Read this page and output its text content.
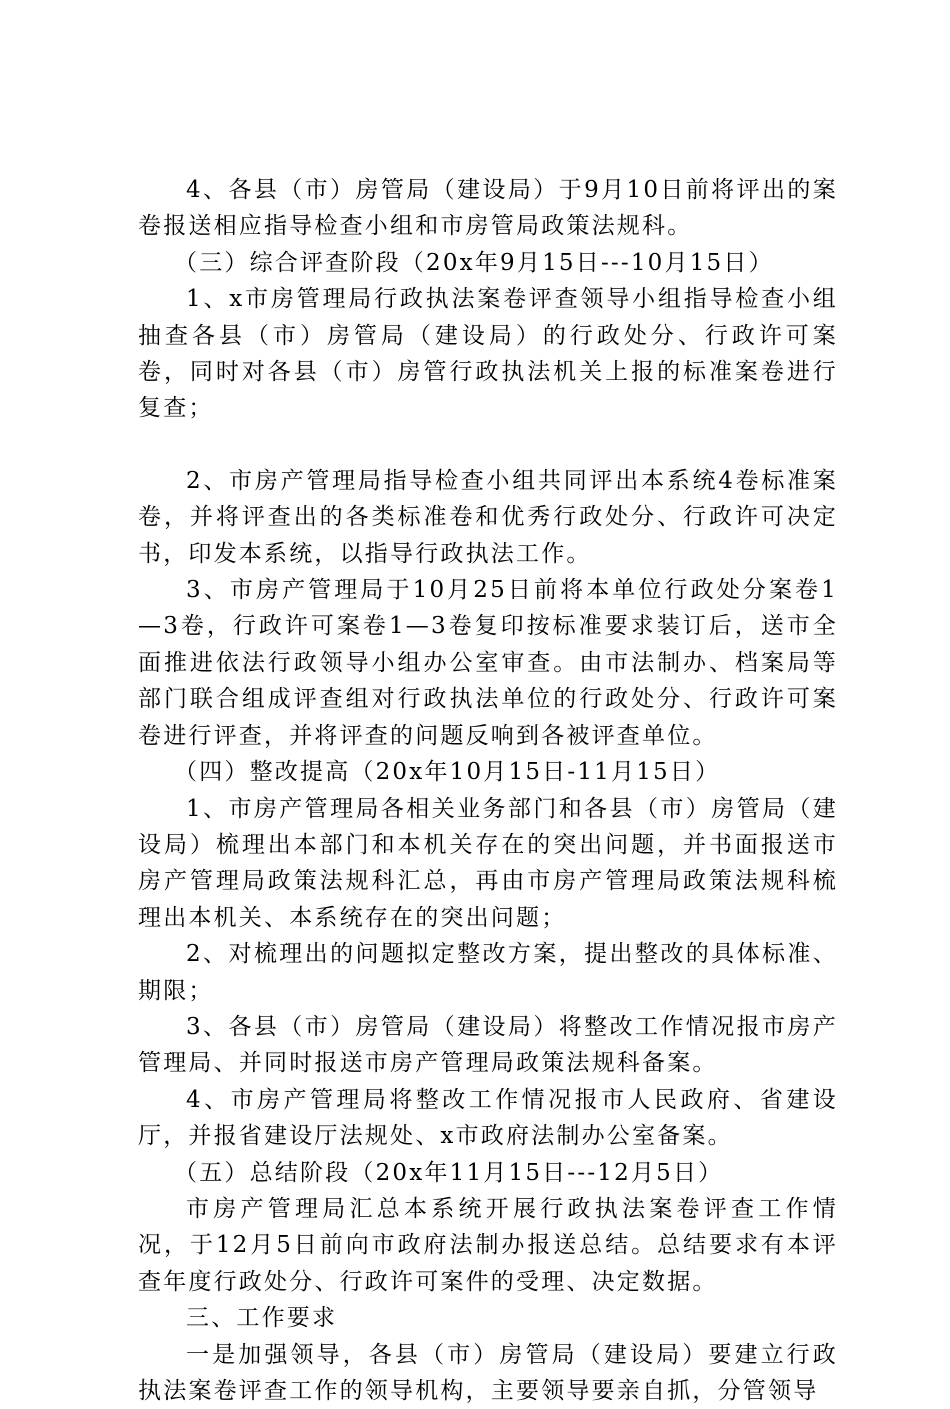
4、各县（市）房管局（建设局）于9月10日前将评出的案卷报送相应指导检查小组和市房管局政策法规科。

（三）综合评查阶段（20x年9月15日---10月15日）

1、x市房管理局行政执法案卷评查领导小组指导检查小组抽查各县（市）房管局（建设局）的行政处分、行政许可案卷，同时对各县（市）房管行政执法机关上报的标准案卷进行复查；

2、市房产管理局指导检查小组共同评出本系统4卷标准案卷，并将评查出的各类标准卷和优秀行政处分、行政许可决定书，印发本系统，以指导行政执法工作。

3、市房产管理局于10月25日前将本单位行政处分案卷1—3卷，行政许可案卷1—3卷复印按标准要求装订后，送市全面推进依法行政领导小组办公室审查。由市法制办、档案局等部门联合组成评查组对行政执法单位的行政处分、行政许可案卷进行评查，并将评查的问题反响到各被评查单位。

（四）整改提高（20x年10月15日-11月15日）

1、市房产管理局各相关业务部门和各县（市）房管局（建设局）梳理出本部门和本机关存在的突出问题，并书面报送市房产管理局政策法规科汇总，再由市房产管理局政策法规科梳理出本机关、本系统存在的突出问题；

2、对梳理出的问题拟定整改方案，提出整改的具体标准、期限；

3、各县（市）房管局（建设局）将整改工作情况报市房产管理局、并同时报送市房产管理局政策法规科备案。

4、市房产管理局将整改工作情况报市人民政府、省建设厅，并报省建设厅法规处、x市政府法制办公室备案。

（五）总结阶段（20x年11月15日---12月5日）

市房产管理局汇总本系统开展行政执法案卷评查工作情况，于12月5日前向市政府法制办报送总结。总结要求有本评查年度行政处分、行政许可案件的受理、决定数据。

三、工作要求

一是加强领导，各县（市）房管局（建设局）要建立行政执法案卷评查工作的领导机构，主要领导要亲自抓，分管领导
